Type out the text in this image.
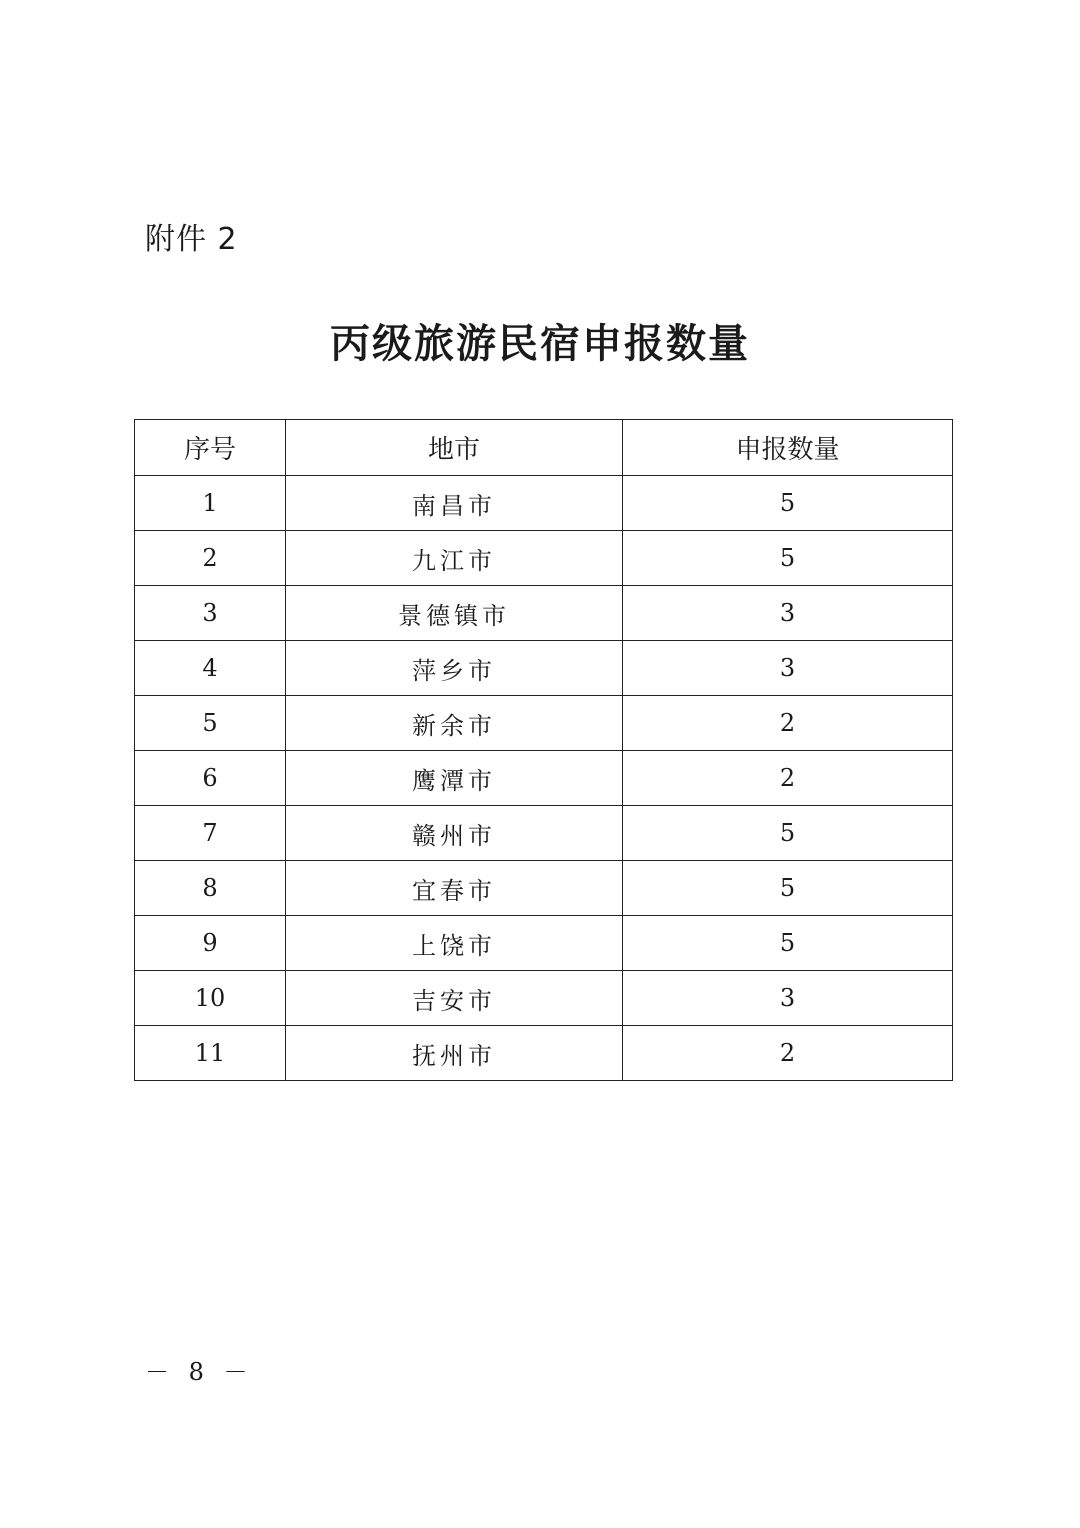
附件 2
丙级旅游民宿申报数量
序号	地市	申报数量
1	南昌市	5
2	九江市	5
3	景德镇市	3
4	萍乡市	3
5	新余市	2
6	鹰潭市	2
7	赣州市	5
8	宜春市	5
9	上饶市	5
10	吉安市	3
11	抚州市	2
－ 8 －
